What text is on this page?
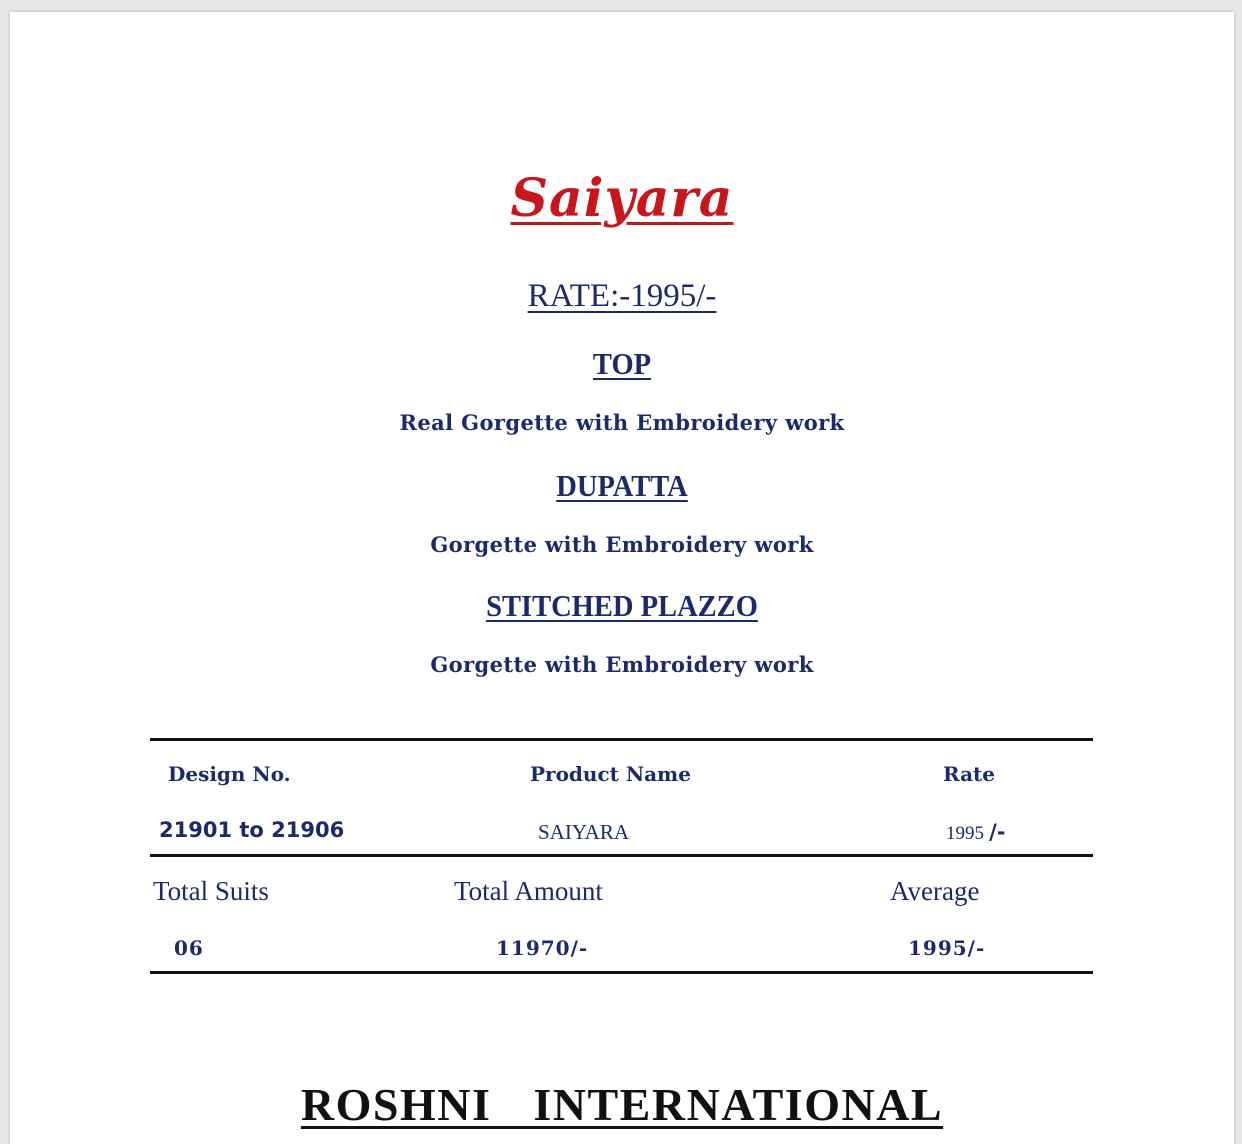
Saiyara
RATE:-1995/-
TOP
Real Gorgette with Embroidery work
DUPATTA
Gorgette with Embroidery work
STITCHED PLAZZO
Gorgette with Embroidery work
Design No.	Product Name	Rate
21901 to 21906	SAIYARA	1995 /-
Total Suits	Total Amount	Average
06	11970/-	1995/-
ROSHNI  INTERNATIONAL
